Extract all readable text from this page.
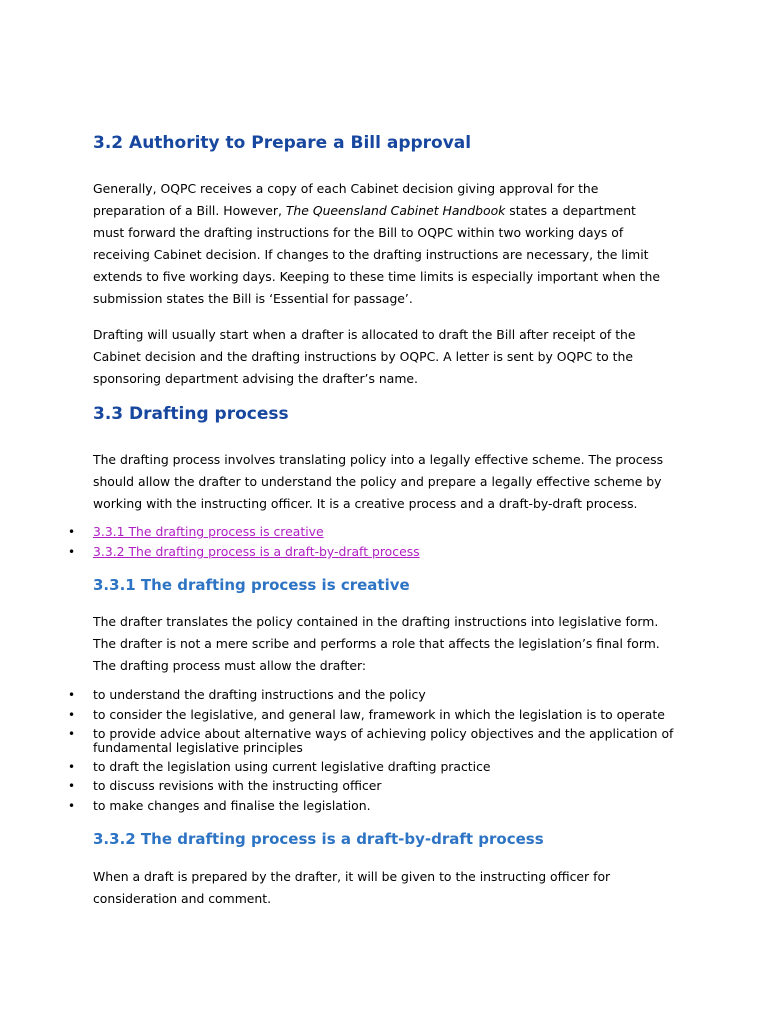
3.2 Authority to Prepare a Bill approval

Generally, OQPC receives a copy of each Cabinet decision giving approval for the
preparation of a Bill. However, The Queensland Cabinet Handbook states a department
must forward the drafting instructions for the Bill to OQPC within two working days of
receiving Cabinet decision. If changes to the drafting instructions are necessary, the limit
extends to five working days. Keeping to these time limits is especially important when the
submission states the Bill is ‘Essential for passage’.

Drafting will usually start when a drafter is allocated to draft the Bill after receipt of the
Cabinet decision and the drafting instructions by OQPC. A letter is sent by OQPC to the
sponsoring department advising the drafter’s name.

3.3 Drafting process

The drafting process involves translating policy into a legally effective scheme. The process
should allow the drafter to understand the policy and prepare a legally effective scheme by
working with the instructing officer. It is a creative process and a draft-by-draft process.

• 3.3.1 The drafting process is creative
• 3.3.2 The drafting process is a draft-by-draft process
3.3.1 The drafting process is creative

The drafter translates the policy contained in the drafting instructions into legislative form.
The drafter is not a mere scribe and performs a role that affects the legislation’s final form.
The drafting process must allow the drafter:

• to understand the drafting instructions and the policy
• to consider the legislative, and general law, framework in which the legislation is to operate
• to provide advice about alternative ways of achieving policy objectives and the application of
fundamental legislative principles
• to draft the legislation using current legislative drafting practice
• to discuss revisions with the instructing officer
• to make changes and finalise the legislation.
3.3.2 The drafting process is a draft-by-draft process

When a draft is prepared by the drafter, it will be given to the instructing officer for
consideration and comment.
